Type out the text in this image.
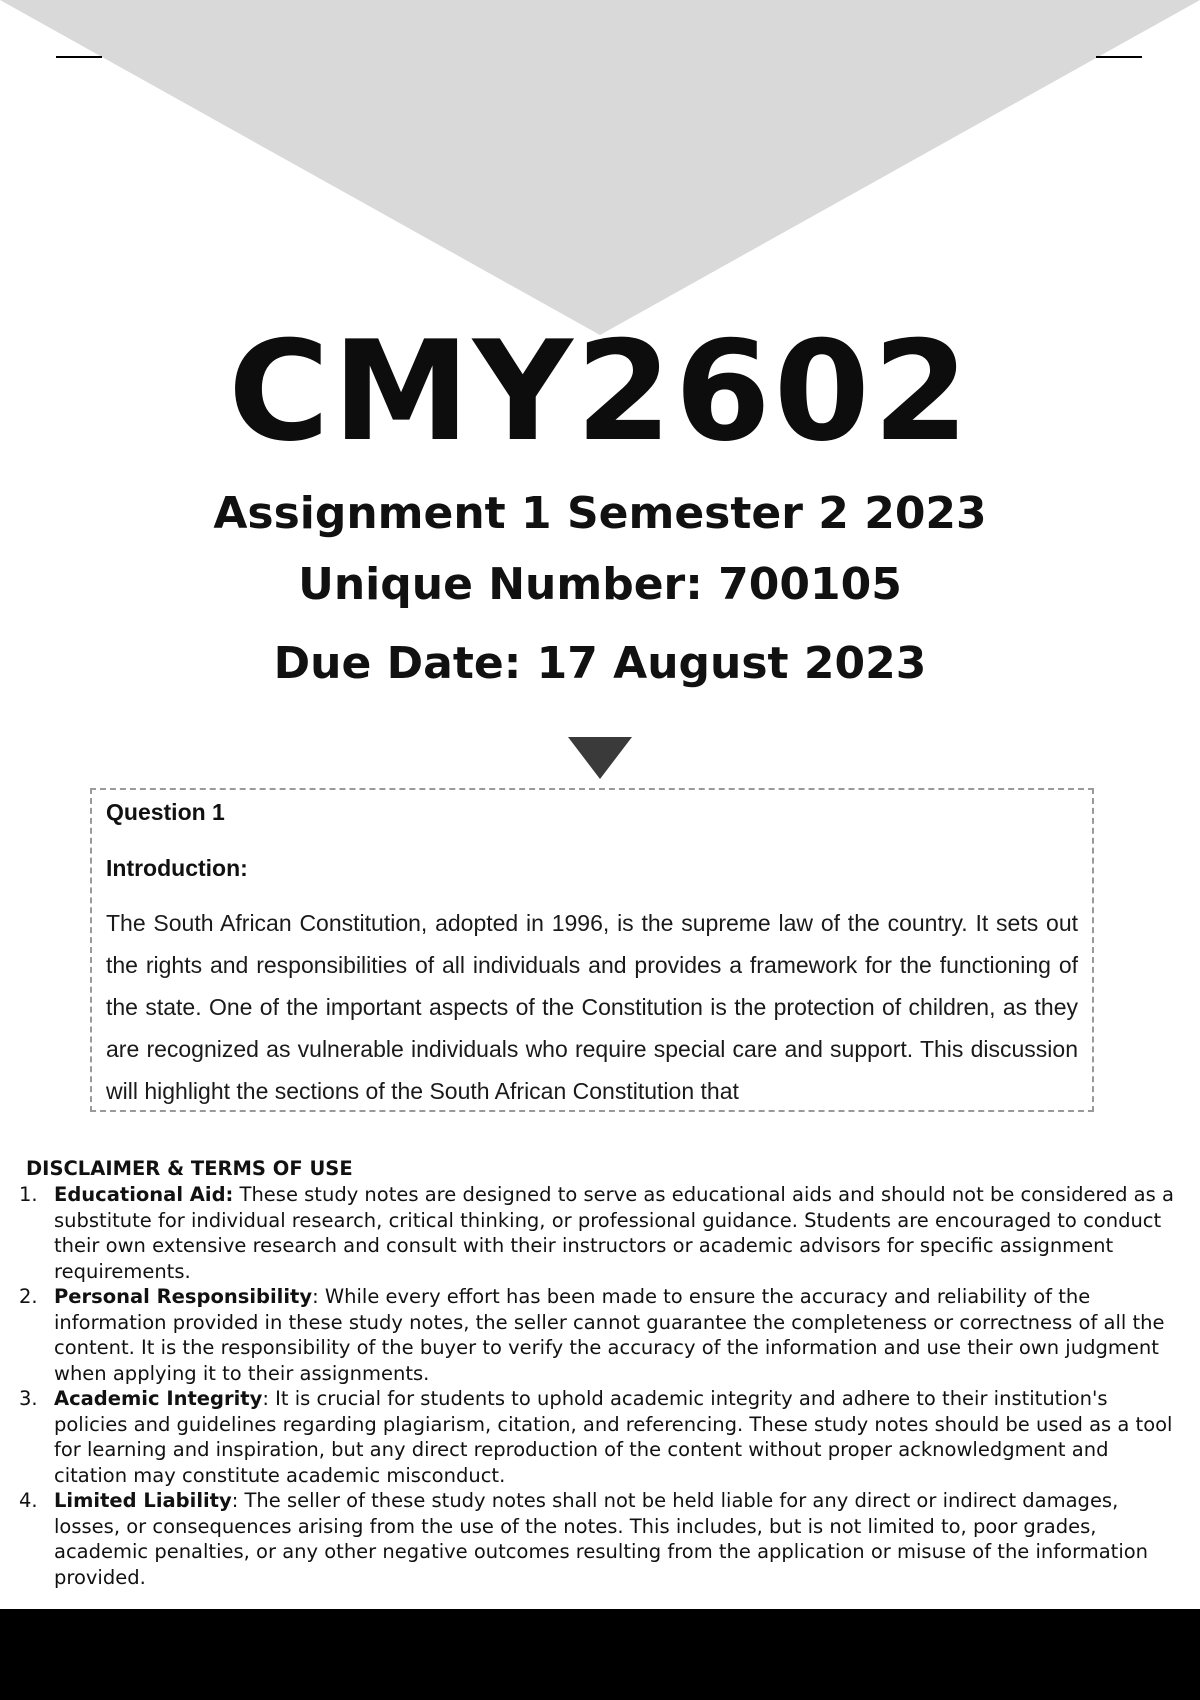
CMY2602
Assignment 1 Semester 2 2023
Unique Number: 700105
Due Date: 17 August 2023
Question 1
Introduction:
The South African Constitution, adopted in 1996, is the supreme law of the country. It sets out the rights and responsibilities of all individuals and provides a framework for the functioning of the state. One of the important aspects of the Constitution is the protection of children, as they are recognized as vulnerable individuals who require special care and support. This discussion will highlight the sections of the South African Constitution that
DISCLAIMER & TERMS OF USE
1. Educational Aid: These study notes are designed to serve as educational aids and should not be considered as a substitute for individual research, critical thinking, or professional guidance. Students are encouraged to conduct their own extensive research and consult with their instructors or academic advisors for specific assignment requirements.
2. Personal Responsibility: While every effort has been made to ensure the accuracy and reliability of the information provided in these study notes, the seller cannot guarantee the completeness or correctness of all the content. It is the responsibility of the buyer to verify the accuracy of the information and use their own judgment when applying it to their assignments.
3. Academic Integrity: It is crucial for students to uphold academic integrity and adhere to their institution's policies and guidelines regarding plagiarism, citation, and referencing. These study notes should be used as a tool for learning and inspiration, but any direct reproduction of the content without proper acknowledgment and citation may constitute academic misconduct.
4. Limited Liability: The seller of these study notes shall not be held liable for any direct or indirect damages, losses, or consequences arising from the use of the notes. This includes, but is not limited to, poor grades, academic penalties, or any other negative outcomes resulting from the application or misuse of the information provided.
